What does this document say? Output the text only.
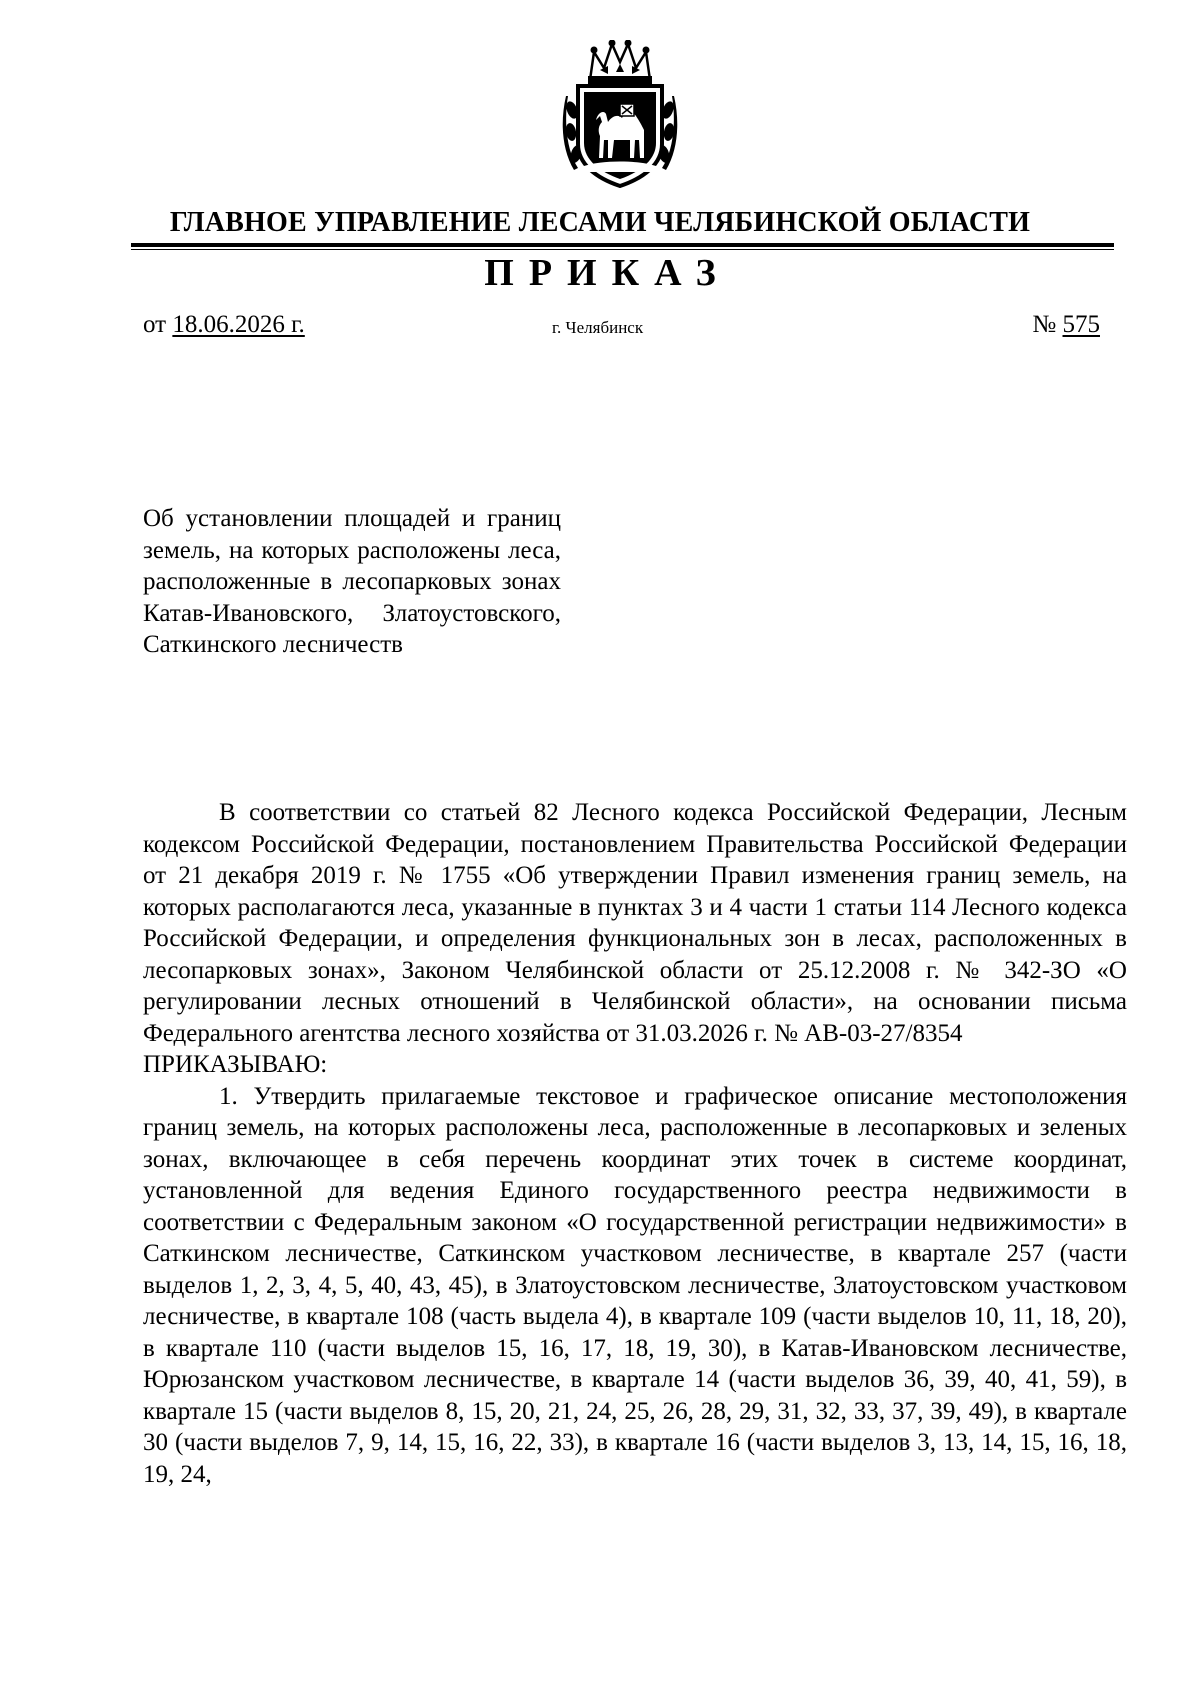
ГЛАВНОЕ УПРАВЛЕНИЕ ЛЕСАМИ ЧЕЛЯБИНСКОЙ ОБЛАСТИ
ПРИКАЗ
от 18.06.2026 г.	г. Челябинск	№ 575
Об установлении площадей и границ земель, на которых расположены леса, расположенные в лесопарковых зонах Катав-Ивановского, Златоустовского, Саткинского лесничеств

В соответствии со статьей 82 Лесного кодекса Российской Федерации, Лесным кодексом Российской Федерации, постановлением Правительства Российской Федерации от 21 декабря 2019 г. № 1755 «Об утверждении Правил изменения границ земель, на которых располагаются леса, указанные в пунктах 3 и 4 части 1 статьи 114 Лесного кодекса Российской Федерации, и определения функциональных зон в лесах, расположенных в лесопарковых зонах», Законом Челябинской области от 25.12.2008 г. № 342-ЗО «О регулировании лесных отношений в Челябинской области», на основании письма Федерального агентства лесного хозяйства от 31.03.2026 г. № АВ-03-27/8354

ПРИКАЗЫВАЮ:

1. Утвердить прилагаемые текстовое и графическое описание местоположения границ земель, на которых расположены леса, расположенные в лесопарковых и зеленых зонах, включающее в себя перечень координат этих точек в системе координат, установленной для ведения Единого государственного реестра недвижимости в соответствии с Федеральным законом «О государственной регистрации недвижимости» в Саткинском лесничестве, Саткинском участковом лесничестве, в квартале 257 (части выделов 1, 2, 3, 4, 5, 40, 43, 45), в Златоустовском лесничестве, Златоустовском участковом лесничестве, в квартале 108 (часть выдела 4), в квартале 109 (части выделов 10, 11, 18, 20), в квартале 110 (части выделов 15, 16, 17, 18, 19, 30), в Катав-Ивановском лесничестве, Юрюзанском участковом лесничестве, в квартале 14 (части выделов 36, 39, 40, 41, 59), в квартале 15 (части выделов 8, 15, 20, 21, 24, 25, 26, 28, 29, 31, 32, 33, 37, 39, 49), в квартале 30 (части выделов 7, 9, 14, 15, 16, 22, 33), в квартале 16 (части выделов 3, 13, 14, 15, 16, 18, 19, 24,
